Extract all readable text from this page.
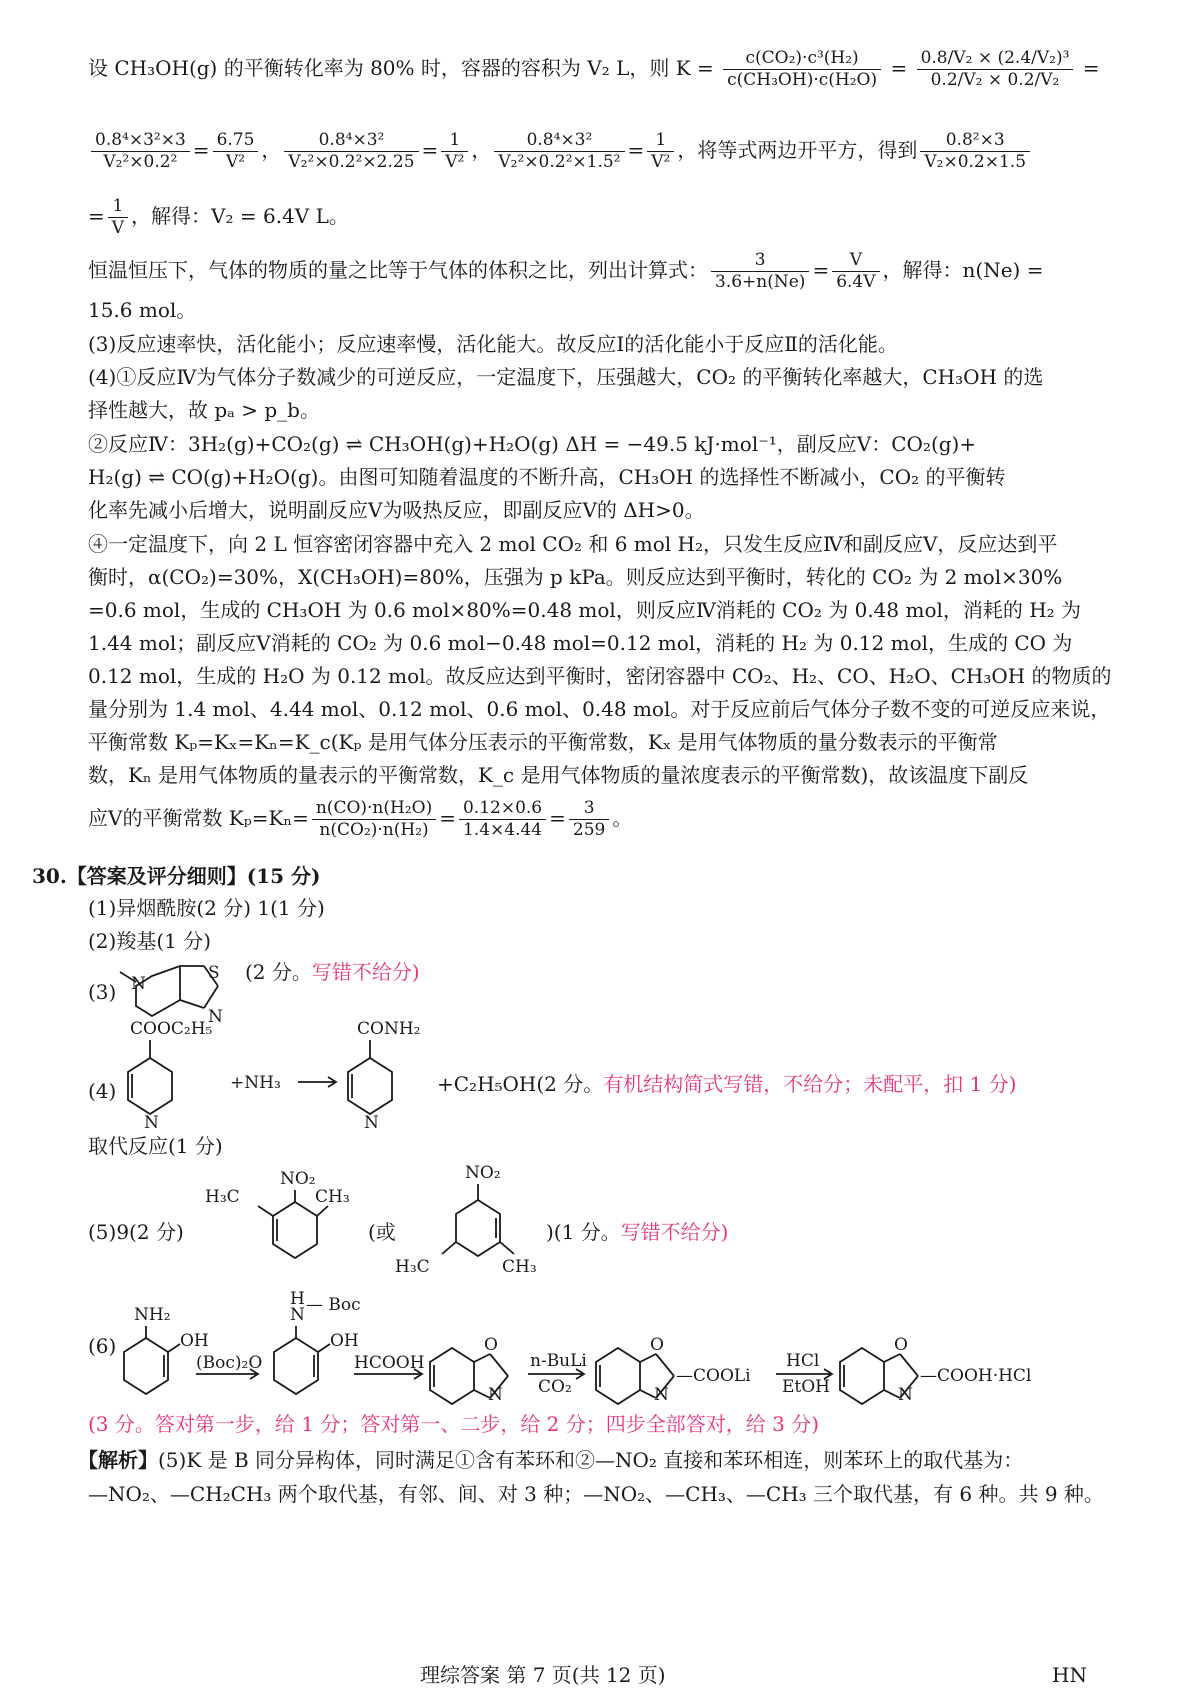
设 CH₃OH(g) 的平衡转化率为 80% 时，容器的容积为 V₂ L，则 $K = \frac{\text{c(CO₂)·c³(H₂)}}{\text{c(CH₃OH)·c(H₂O)}} = \frac{\text{0.8/V₂ × (2.4/V₂)³}}{\text{0.2/V₂ × 0.2/V₂}}$ =
$\frac{\text{0.8⁴×3²×3}}{\text{V₂²×0.2²}} = \frac{6.75}{\text{V²}}$ ， $\frac{\text{0.8⁴×3²}}{\text{V₂²×0.2²×2.25}} = \frac{1}{\text{V²}}$ ， $\frac{\text{0.8⁴×3²}}{\text{V₂²×0.2²×1.5²}} = \frac{1}{\text{V²}}$ ，将等式两边开平方，得到 $\frac{\text{0.8²×3}}{\text{V₂×0.2×1.5}}$
= $\frac{1}{V}$ ，解得：V₂ = 6.4V L。
恒温恒压下，气体的物质的量之比等于气体的体积之比，列出计算式： $\frac{3}{3.6+n(Ne)} = \frac{V}{6.4V}$ ，解得：n(Ne) =
15.6 mol。
(3)反应速率快，活化能小；反应速率慢，活化能大。故反应Ⅰ的活化能小于反应Ⅱ的活化能。
(4)①反应Ⅳ为气体分子数减少的可逆反应，一定温度下，压强越大，CO₂ 的平衡转化率越大，CH₃OH 的选
择性越大，故 pₐ > p_b。
②反应Ⅳ：3H₂(g)+CO₂(g) ⇌ CH₃OH(g)+H₂O(g) ΔH = −49.5 kJ·mol⁻¹，副反应Ⅴ：CO₂(g)+
H₂(g) ⇌ CO(g)+H₂O(g)。由图可知随着温度的不断升高，CH₃OH 的选择性不断减小，CO₂ 的平衡转
化率先减小后增大，说明副反应Ⅴ为吸热反应，即副反应Ⅴ的 ΔH>0。
④一定温度下，向 2 L 恒容密闭容器中充入 2 mol CO₂ 和 6 mol H₂，只发生反应Ⅳ和副反应Ⅴ，反应达到平
衡时，α(CO₂)=30%，X(CH₃OH)=80%，压强为 p kPa。则反应达到平衡时，转化的 CO₂ 为 2 mol×30%
=0.6 mol，生成的 CH₃OH 为 0.6 mol×80%=0.48 mol，则反应Ⅳ消耗的 CO₂ 为 0.48 mol，消耗的 H₂ 为
1.44 mol；副反应Ⅴ消耗的 CO₂ 为 0.6 mol−0.48 mol=0.12 mol，消耗的 H₂ 为 0.12 mol，生成的 CO 为
0.12 mol，生成的 H₂O 为 0.12 mol。故反应达到平衡时，密闭容器中 CO₂、H₂、CO、H₂O、CH₃OH 的物质的
量分别为 1.4 mol、4.44 mol、0.12 mol、0.6 mol、0.48 mol。对于反应前后气体分子数不变的可逆反应来说，
平衡常数 Kₚ=Kₓ=Kₙ=K_c(Kₚ 是用气体分压表示的平衡常数，Kₓ 是用气体物质的量分数表示的平衡常
数，Kₙ 是用气体物质的量表示的平衡常数，K_c 是用气体物质的量浓度表示的平衡常数)，故该温度下副反
应Ⅴ的平衡常数 $K_p=K_n= \frac{\text{n(CO)·n(H₂O)}}{\text{n(CO₂)·n(H₂)}} = \frac{0.12\times 0.6}{1.4\times 4.44} = \frac{3}{259}$ 。
30.【答案及评分细则】(15 分)
(1)异烟酰胺(2 分) 1(1 分)
(2)羧基(1 分)
(3) N
S
N
(2 分。写错不给分)
(4)
COOC₂H₅
N
+NH₃
CONH₂
N
+C₂H₅OH(2 分。有机结构简式写错，不给分；未配平，扣 1 分)
取代反应(1 分)
(5)9(2 分)
NO₂
H₃C	CH₃
(或
NO₂
H₃C	CH₃
)(1 分。写错不给分)
(6)
NH₂
OH
(Boc)₂O
H
N — Boc
OH
HCOOH
O
N
n-BuLi
CO₂
O
N
—COOLi
HCl
EtOH
O
N
—COOH·HCl
(3 分。答对第一步，给 1 分；答对第一、二步，给 2 分；四步全部答对，给 3 分)
【解析】(5)K 是 B 同分异构体，同时满足①含有苯环和②—NO₂ 直接和苯环相连，则苯环上的取代基为：
—NO₂、—CH₂CH₃ 两个取代基，有邻、间、对 3 种；—NO₂、—CH₃、—CH₃ 三个取代基，有 6 种。共 9 种。
理综答案 第 7 页(共 12 页)	HN
